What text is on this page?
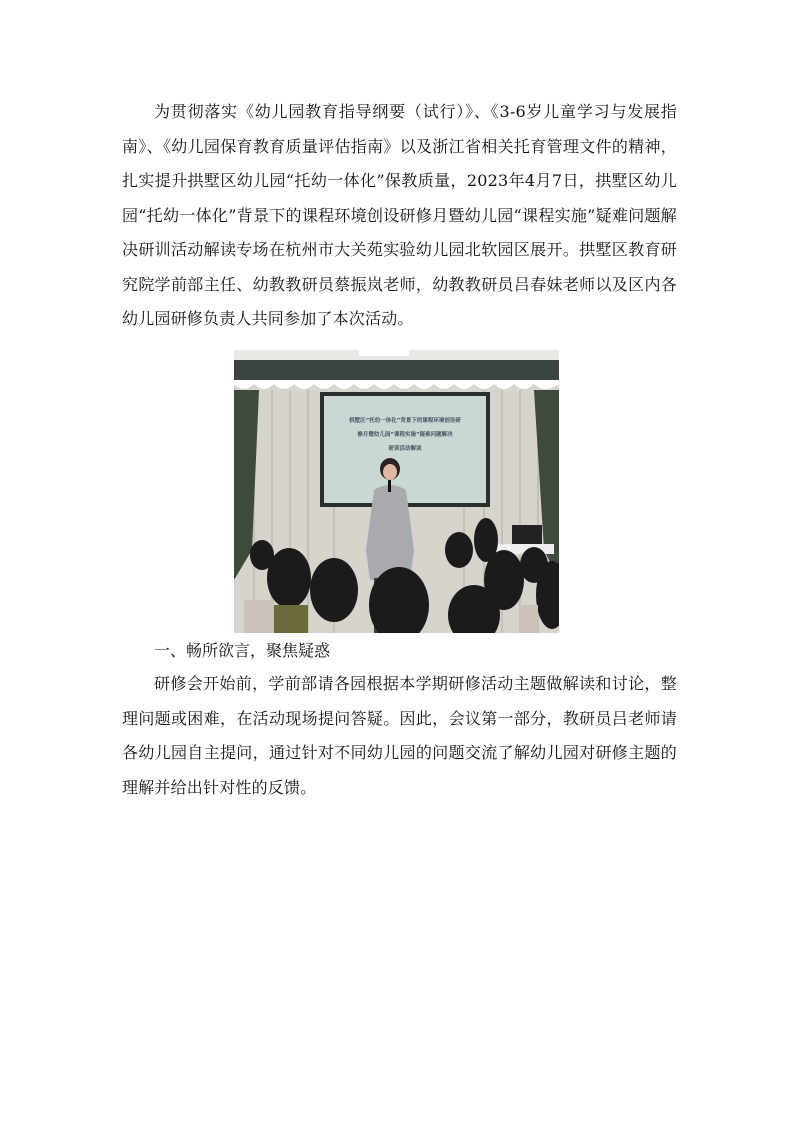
为贯彻落实《幼儿园教育指导纲要（试行）》、《3-6岁儿童学习与发展指南》、《幼儿园保育教育质量评估指南》以及浙江省相关托育管理文件的精神，扎实提升拱墅区幼儿园“托幼一体化”保教质量，2023年4月7日，拱墅区幼儿园“托幼一体化”背景下的课程环境创设研修月暨幼儿园“课程实施”疑难问题解决研训活动解读专场在杭州市大关苑实验幼儿园北软园区展开。拱墅区教育研究院学前部主任、幼教教研员蔡振岚老师，幼教教研员吕春妹老师以及区内各幼儿园研修负责人共同参加了本次活动。

拱墅区“托幼一体化”背景下的课程环境创设研
修月暨幼儿园“课程实施”疑难问题解决
研训活动解读

一、畅所欲言，聚焦疑惑

研修会开始前，学前部请各园根据本学期研修活动主题做解读和讨论，整理问题或困难，在活动现场提问答疑。因此，会议第一部分，教研员吕老师请各幼儿园自主提问，通过针对不同幼儿园的问题交流了解幼儿园对研修主题的理解并给出针对性的反馈。
